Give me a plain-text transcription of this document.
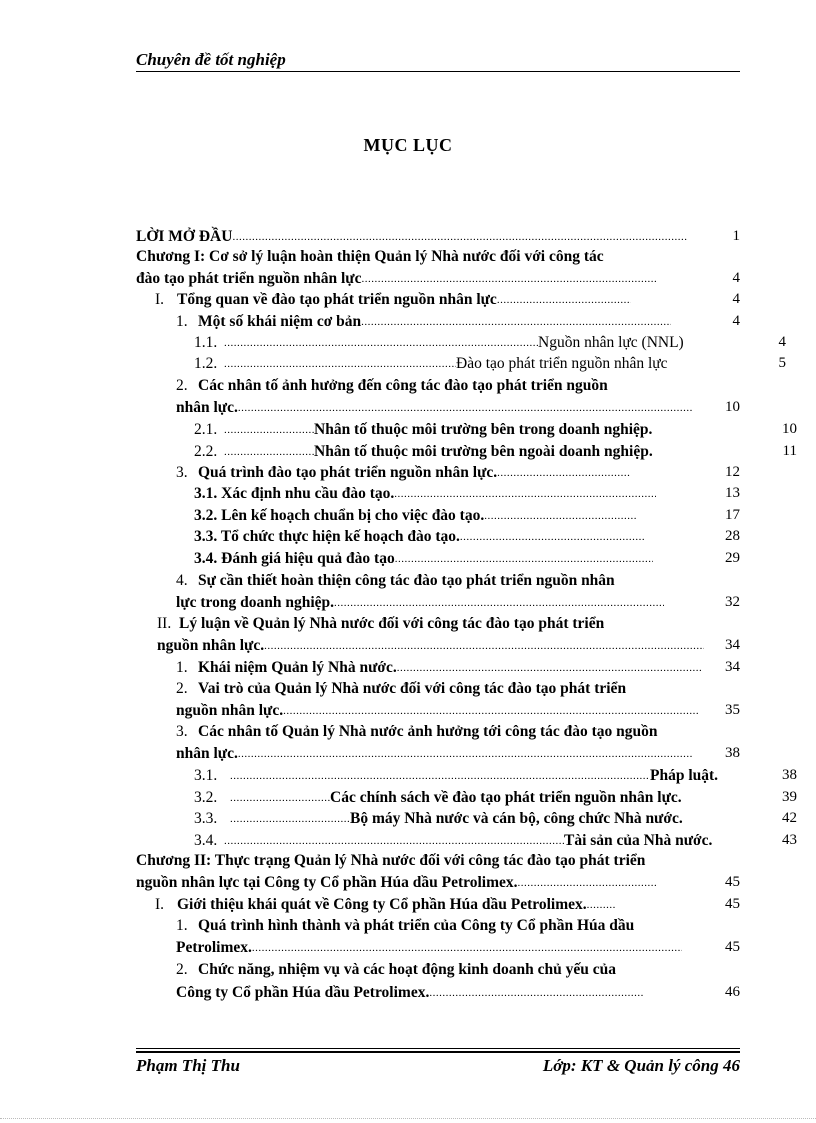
Chuyên đề tốt nghiệp
MỤC LỤC
LỜI MỞ ĐẦU .....	1
Chương I: Cơ sở lý luận hoàn thiện Quản lý Nhà nước đối với công tác
đào tạo phát triển nguồn nhân lực .....	4
I. Tổng quan về đào tạo phát triển nguồn nhân lực .....	4
1. Một số khái niệm cơ bản .....	4
1.1. .....	Nguồn nhân lực (NNL)	4
1.2. .....	Đào tạo phát triển nguồn nhân lực	5
2. Các nhân tố ảnh hưởng đến công tác đào tạo phát triển nguồn
nhân lực. .....	10
2.1. .....	Nhân tố thuộc môi trường bên trong doanh nghiệp.	10
2.2. .....	Nhân tố thuộc môi trường bên ngoài doanh nghiệp.	11
3. Quá trình đào tạo phát triển nguồn nhân lực. .....	12
3.1. Xác định nhu cầu đào tạo. .....	13
3.2. Lên kế hoạch chuẩn bị cho việc đào tạo. .....	17
3.3. Tổ chức thực hiện kế hoạch đào tạo. .....	28
3.4. Đánh giá hiệu quả đào tạo .....	29
4. Sự cần thiết hoàn thiện công tác đào tạo phát triển nguồn nhân
lực trong doanh nghiệp. .....	32
II. Lý luận về Quản lý Nhà nước đối với công tác đào tạo phát triển
nguồn nhân lực. .....	34
1. Khái niệm Quản lý Nhà nước. .....	34
2. Vai trò của Quản lý Nhà nước đối với công tác đào tạo phát triển
nguồn nhân lực. .....	35
3. Các nhân tố Quản lý Nhà nước ảnh hưởng tới công tác đào tạo nguồn
nhân lực. .....	38
3.1. .....	Pháp luật.	38
3.2. .....	Các chính sách về đào tạo phát triển nguồn nhân lực.	39
3.3. .....	Bộ máy Nhà nước và cán bộ, công chức Nhà nước.	42
3.4. .....	Tài sản của Nhà nước.	43
Chương II: Thực trạng Quản lý Nhà nước đối với công tác đào tạo phát triển
nguồn nhân lực tại Công ty Cổ phần Húa dầu Petrolimex. .....	45
I. Giới thiệu khái quát về Công ty Cổ phần Húa dầu Petrolimex. .....	45
1. Quá trình hình thành và phát triển của Công ty Cổ phần Húa dầu
Petrolimex. .....	45
2. Chức năng, nhiệm vụ và các hoạt động kinh doanh chủ yếu của
Công ty Cổ phần Húa dầu Petrolimex. .....	46
Phạm Thị Thu	Lớp: KT & Quản lý công 46
